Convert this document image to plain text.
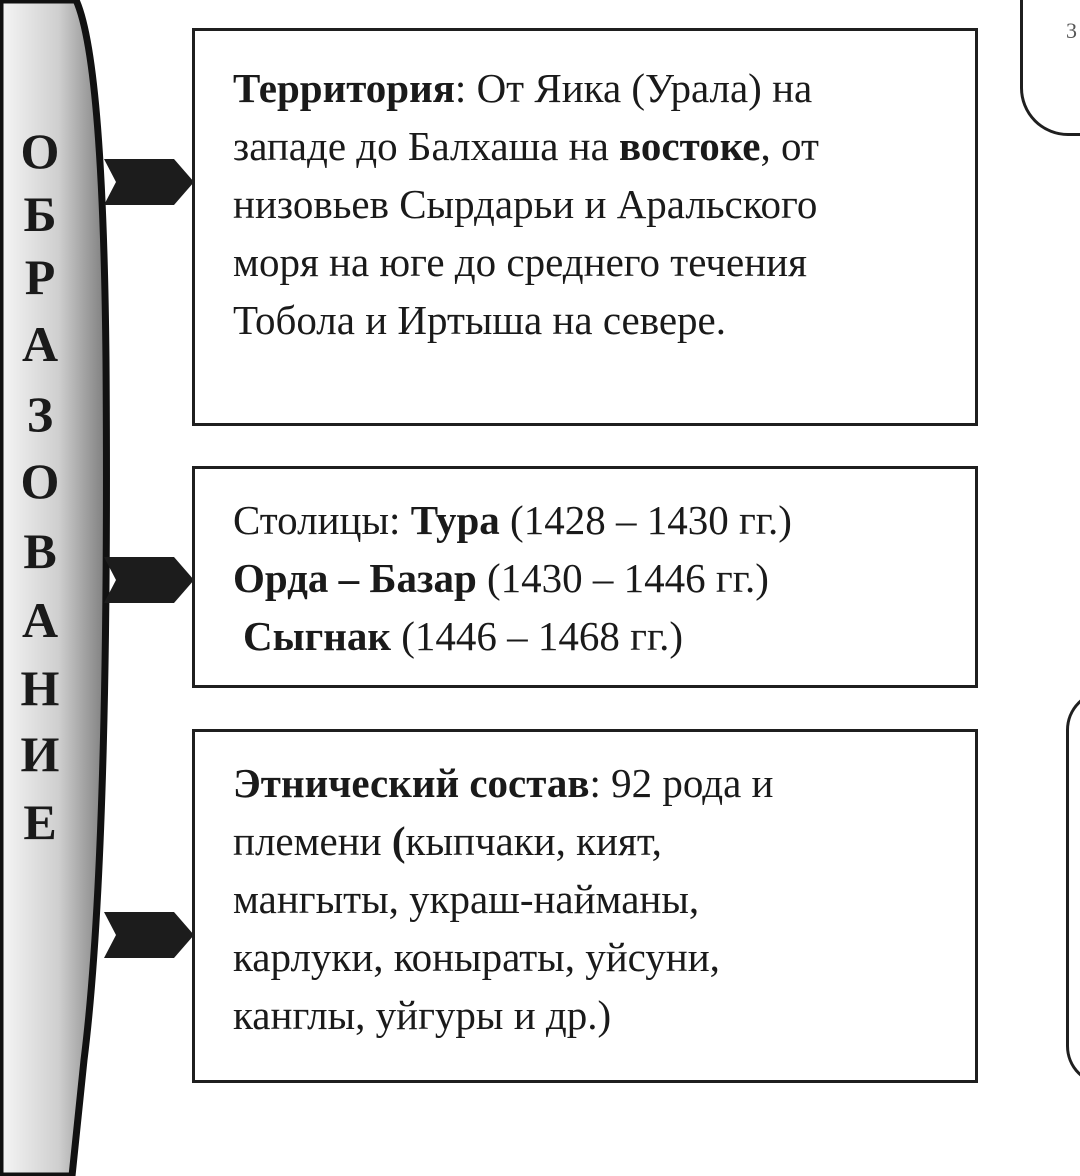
О
Б
Р
А
З
О
В
А
Н
И
Е
Территория: От Яика (Урала) на
западе до Балхаша на востоке, от
низовьев Сырдарьи и Аральского
моря на юге до среднего течения
Тобола и Иртыша на севере.
Столицы: Тура (1428 – 1430 гг.)
Орда – Базар (1430 – 1446 гг.)
Сыгнак (1446 – 1468 гг.)
Этнический состав: 92 рода и
племени (кыпчаки, кият,
мангыты, украш-найманы,
карлуки, коныраты, уйсуни,
канглы, уйгуры и др.)
3
